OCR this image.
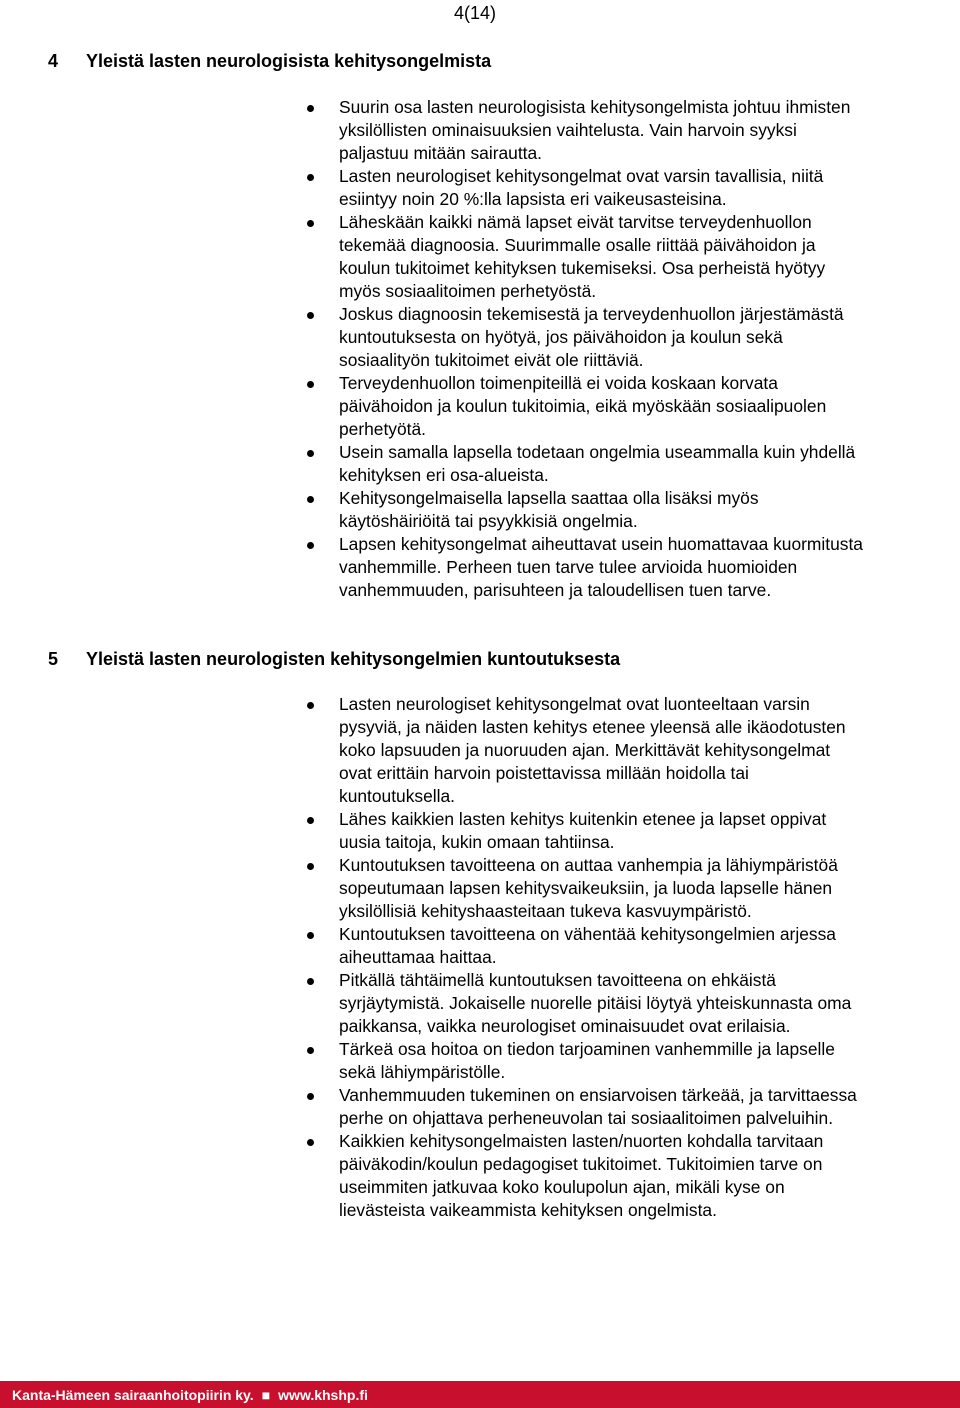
4(14)
4	Yleistä lasten neurologisista kehitysongelmista
Suurin osa lasten neurologisista kehitysongelmista johtuu ihmisten yksilöllisten ominaisuuksien vaihtelusta. Vain harvoin syyksi paljastuu mitään sairautta.
Lasten neurologiset kehitysongelmat ovat varsin tavallisia, niitä esiintyy noin 20 %:lla lapsista eri vaikeusasteisina.
Läheskään kaikki nämä lapset eivät tarvitse terveydenhuollon tekemää diagnoosia. Suurimmalle osalle riittää päivähoidon ja koulun tukitoimet kehityksen tukemiseksi. Osa perheistä hyötyy myös sosiaalitoimen perhetyöstä.
Joskus diagnoosin tekemisestä ja terveydenhuollon järjestämästä kuntoutuksesta on hyötyä, jos päivähoidon ja koulun sekä sosiaalityön tukitoimet eivät ole riittäviä.
Terveydenhuollon toimenpiteillä ei voida koskaan korvata päivähoidon ja koulun tukitoimia, eikä myöskään sosiaalipuolen perhetyötä.
Usein samalla lapsella todetaan ongelmia useammalla kuin yhdellä kehityksen eri osa-alueista.
Kehitysongelmaisella lapsella saattaa olla lisäksi myös käytöshäiriöitä tai psyykkisiä ongelmia.
Lapsen kehitysongelmat aiheuttavat usein huomattavaa kuormitusta vanhemmille. Perheen tuen tarve tulee arvioida huomioiden vanhemmuuden, parisuhteen ja taloudellisen tuen tarve.
5	Yleistä lasten neurologisten kehitysongelmien kuntoutuksesta
Lasten neurologiset kehitysongelmat ovat luonteeltaan varsin pysyviä, ja näiden lasten kehitys etenee yleensä alle ikäodotusten koko lapsuuden ja nuoruuden ajan. Merkittävät kehitysongelmat ovat erittäin harvoin poistettavissa millään hoidolla tai kuntoutuksella.
Lähes kaikkien lasten kehitys kuitenkin etenee ja lapset oppivat uusia taitoja, kukin omaan tahtiinsa.
Kuntoutuksen tavoitteena on auttaa vanhempia ja lähiympäristöä sopeutumaan lapsen kehitysvaikeuksiin, ja luoda lapselle hänen yksilöllisiä kehityshaasteitaan tukeva kasvuympäristö.
Kuntoutuksen tavoitteena on vähentää kehitysongelmien arjessa aiheuttamaa haittaa.
Pitkällä tähtäimellä kuntoutuksen tavoitteena on ehkäistä syrjäytymistä. Jokaiselle nuorelle pitäisi löytyä yhteiskunnasta oma paikkansa, vaikka neurologiset ominaisuudet ovat erilaisia.
Tärkeä osa hoitoa on tiedon tarjoaminen vanhemmille ja lapselle sekä lähiympäristölle.
Vanhemmuuden tukeminen on ensiarvoisen tärkeää, ja tarvittaessa perhe on ohjattava perheneuvolan tai sosiaalitoimen palveluihin.
Kaikkien kehitysongelmaisten lasten/nuorten kohdalla tarvitaan päiväkodin/koulun pedagogiset tukitoimet. Tukitoimien tarve on useimmiten jatkuvaa koko koulupolun ajan, mikäli kyse on lievästeista vaikeammista kehityksen ongelmista.
Kanta-Hämeen sairaanhoitopiirin ky. ■ www.khshp.fi
